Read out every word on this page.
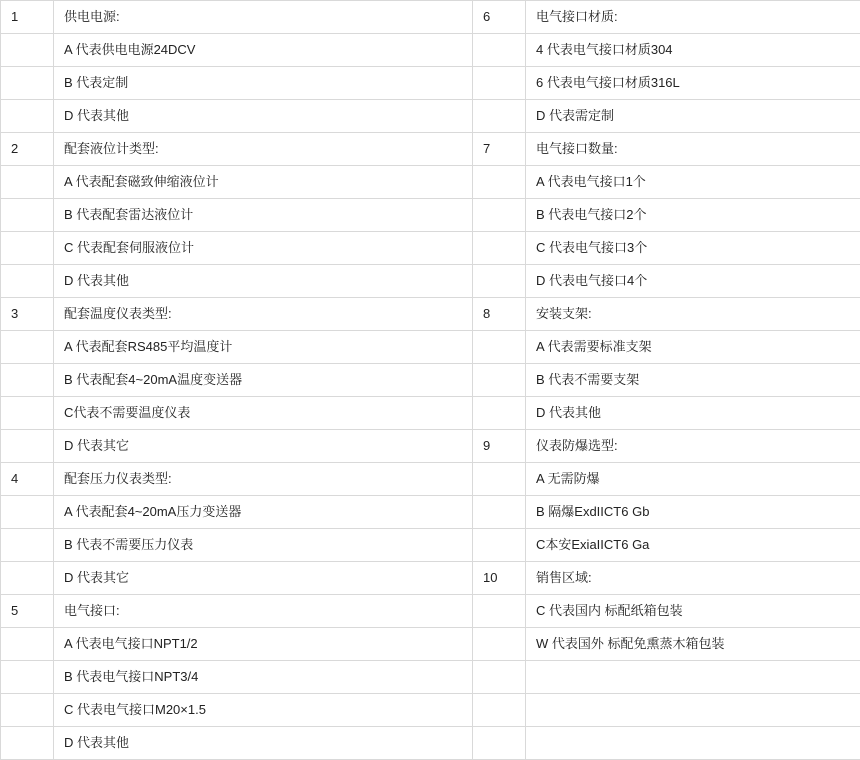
1	供电电源:	6	电气接口材质:
	A 代表供电电源24DCV		4 代表电气接口材质304
	B 代表定制		6 代表电气接口材质316L
	D 代表其他		D 代表需定制
2	配套液位计类型:	7	电气接口数量:
	A 代表配套磁致伸缩液位计		A 代表电气接口1个
	B 代表配套雷达液位计		B 代表电气接口2个
	C 代表配套伺服液位计		C 代表电气接口3个
	D 代表其他		D 代表电气接口4个
3	配套温度仪表类型:	8	安装支架:
	A 代表配套RS485平均温度计		A 代表需要标准支架
	B 代表配套4~20mA温度变送器		B 代表不需要支架
	C代表不需要温度仪表		D 代表其他
	D 代表其它	9	仪表防爆选型:
4	配套压力仪表类型:		A 无需防爆
	A 代表配套4~20mA压力变送器		B 隔爆ExdIICT6 Gb
	B 代表不需要压力仪表		C本安ExiaIICT6 Ga
	D 代表其它	10	销售区域:
5	电气接口:		C 代表国内 标配纸箱包装
	A 代表电气接口NPT1/2		W 代表国外 标配免熏蒸木箱包装
	B 代表电气接口NPT3/4		
	C 代表电气接口M20×1.5		
	D 代表其他		
